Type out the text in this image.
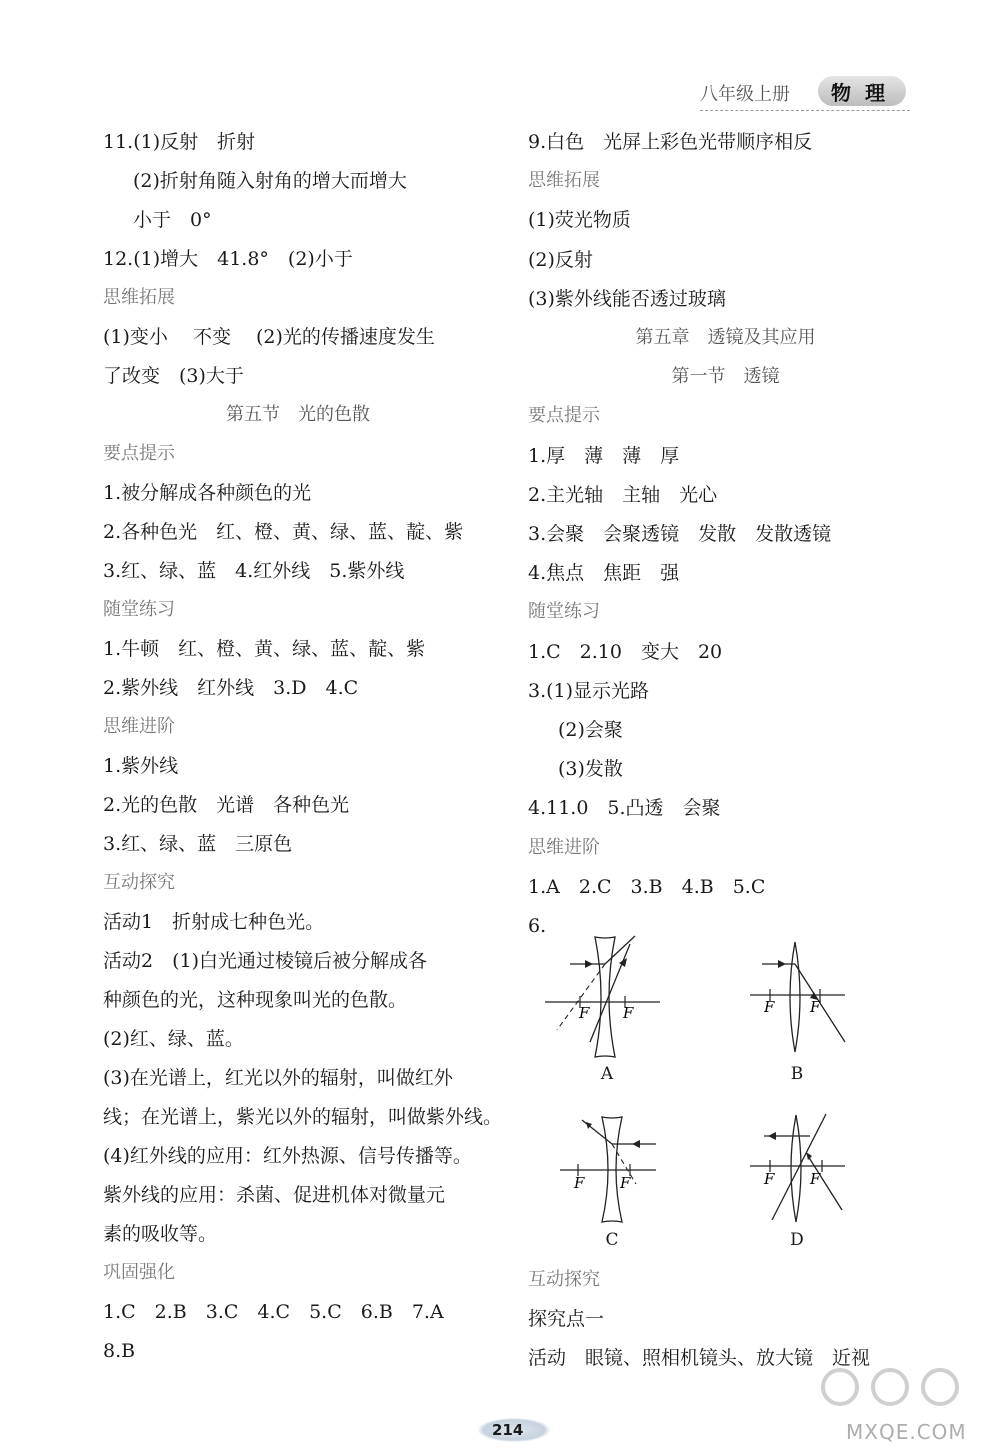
八年级上册	物理
11.(1)反射　折射
(2)折射角随入射角的增大而增大
小于　0°
12.(1)增大　41.8°　(2)小于
思维拓展
(1)变小　 不变　 (2)光的传播速度发生
了改变　(3)大于
第五节　光的色散
要点提示
1.被分解成各种颜色的光
2.各种色光　红、橙、黄、绿、蓝、靛、紫
3.红、绿、蓝　4.红外线　5.紫外线
随堂练习
1.牛顿　红、橙、黄、绿、蓝、靛、紫
2.紫外线　红外线　3.D　4.C
思维进阶
1.紫外线
2.光的色散　光谱　各种色光
3.红、绿、蓝　三原色
互动探究
活动1　折射成七种色光。
活动2　(1)白光通过棱镜后被分解成各
种颜色的光，这种现象叫光的色散。
(2)红、绿、蓝。
(3)在光谱上，红光以外的辐射，叫做红外
线；在光谱上，紫光以外的辐射，叫做紫外线。
(4)红外线的应用：红外热源、信号传播等。
紫外线的应用：杀菌、促进机体对微量元
素的吸收等。
巩固强化
1.C　2.B　3.C　4.C　5.C　6.B　7.A
8.B
9.白色　光屏上彩色光带顺序相反
思维拓展
(1)荧光物质
(2)反射
(3)紫外线能否透过玻璃
第五章　透镜及其应用
第一节　透镜
要点提示
1.厚　薄　薄　厚
2.主光轴　主轴　光心
3.会聚　会聚透镜　发散　发散透镜
4.焦点　焦距　强
随堂练习
1.C　2.10　变大　20
3.(1)显示光路
(2)会聚
(3)发散
4.11.0　5.凸透　会聚
思维进阶
1.A　2.C　3.B　4.B　5.C
6.
F F
A
F F
B
F F
C
F F
D
互动探究
探究点一
活动　眼镜、照相机镜头、放大镜　近视
214	MXQE.COM
